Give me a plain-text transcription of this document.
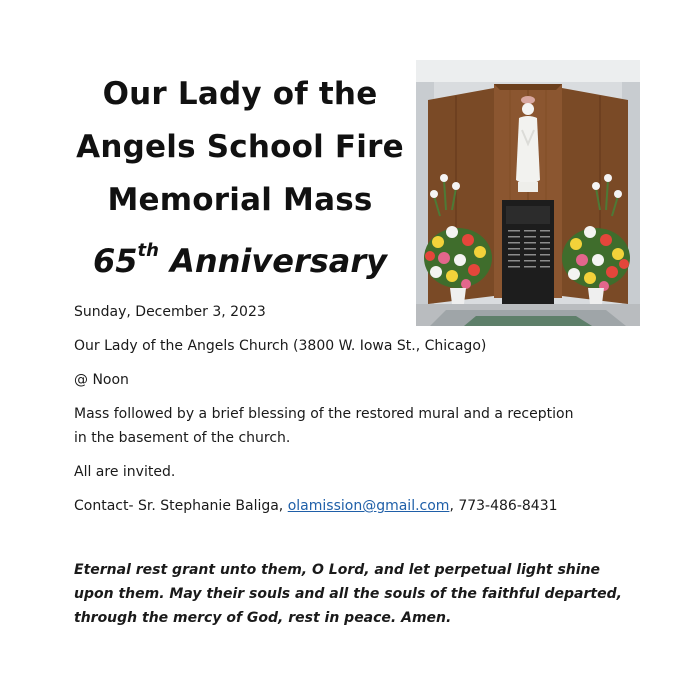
Our Lady of the
Angels School Fire
Memorial Mass
65th Anniversary

Sunday, December 3, 2023

Our Lady of the Angels Church (3800 W. Iowa St., Chicago)

@ Noon

Mass followed by a brief blessing of the restored mural and a reception
in the basement of the church.

All are invited.

Contact- Sr. Stephanie Baliga, olamission@gmail.com, 773-486-8431

Eternal rest grant unto them, O Lord, and let perpetual light shine
upon them. May their souls and all the souls of the faithful departed,
through the mercy of God, rest in peace. Amen.
